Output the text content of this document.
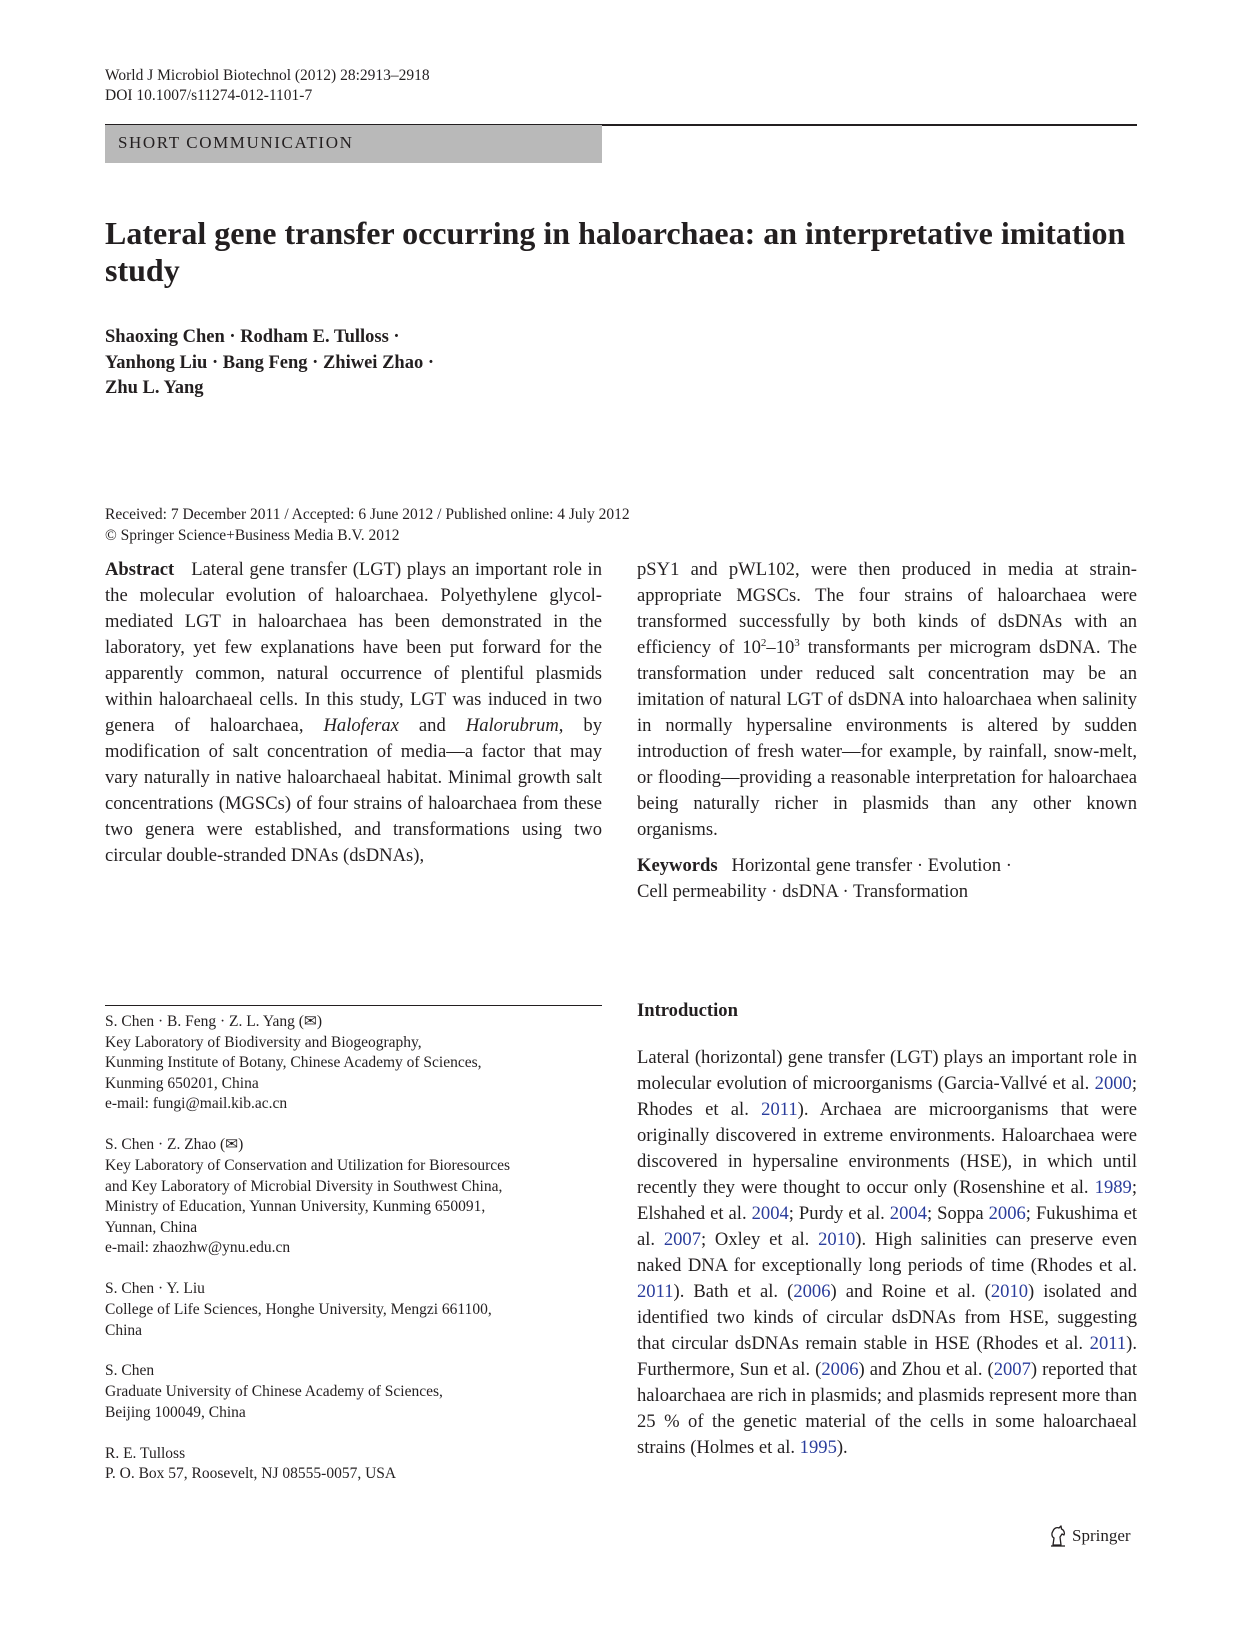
World J Microbiol Biotechnol (2012) 28:2913–2918
DOI 10.1007/s11274-012-1101-7
SHORT COMMUNICATION
Lateral gene transfer occurring in haloarchaea: an interpretative imitation study
Shaoxing Chen · Rodham E. Tulloss ·
Yanhong Liu · Bang Feng · Zhiwei Zhao ·
Zhu L. Yang
Received: 7 December 2011 / Accepted: 6 June 2012 / Published online: 4 July 2012
© Springer Science+Business Media B.V. 2012
Abstract Lateral gene transfer (LGT) plays an important role in the molecular evolution of haloarchaea. Polyethylene glycol-mediated LGT in haloarchaea has been demonstrated in the laboratory, yet few explanations have been put forward for the apparently common, natural occurrence of plentiful plasmids within haloarchaeal cells. In this study, LGT was induced in two genera of haloarchaea, Haloferax and Halorubrum, by modification of salt concentration of media—a factor that may vary naturally in native haloarchaeal habitat. Minimal growth salt concentrations (MGSCs) of four strains of haloarchaea from these two genera were established, and transformations using two circular double-stranded DNAs (dsDNAs),
pSY1 and pWL102, were then produced in media at strain-appropriate MGSCs. The four strains of haloarchaea were transformed successfully by both kinds of dsDNAs with an efficiency of $10^2-10^3$ transformants per microgram dsDNA. The transformation under reduced salt concentration may be an imitation of natural LGT of dsDNA into haloarchaea when salinity in normally hypersaline environments is altered by sudden introduction of fresh water—for example, by rainfall, snow-melt, or flooding—providing a reasonable interpretation for haloarchaea being naturally richer in plasmids than any other known organisms.
Keywords Horizontal gene transfer · Evolution ·
Cell permeability · dsDNA · Transformation
S. Chen · B. Feng · Z. L. Yang (✉)
Key Laboratory of Biodiversity and Biogeography,
Kunming Institute of Botany, Chinese Academy of Sciences,
Kunming 650201, China
e-mail: fungi@mail.kib.ac.cn
S. Chen · Z. Zhao (✉)
Key Laboratory of Conservation and Utilization for Bioresources
and Key Laboratory of Microbial Diversity in Southwest China,
Ministry of Education, Yunnan University, Kunming 650091,
Yunnan, China
e-mail: zhaozhw@ynu.edu.cn
S. Chen · Y. Liu
College of Life Sciences, Honghe University, Mengzi 661100,
China
S. Chen
Graduate University of Chinese Academy of Sciences,
Beijing 100049, China
R. E. Tulloss
P. O. Box 57, Roosevelt, NJ 08555-0057, USA
Introduction
Lateral (horizontal) gene transfer (LGT) plays an important role in molecular evolution of microorganisms (Garcia-Vallvé et al. 2000; Rhodes et al. 2011). Archaea are microorganisms that were originally discovered in extreme environments. Haloarchaea were discovered in hypersaline environments (HSE), in which until recently they were thought to occur only (Rosenshine et al. 1989; Elshahed et al. 2004; Purdy et al. 2004; Soppa 2006; Fukushima et al. 2007; Oxley et al. 2010). High salinities can preserve even naked DNA for exceptionally long periods of time (Rhodes et al. 2011). Bath et al. (2006) and Roine et al. (2010) isolated and identified two kinds of circular dsDNAs from HSE, suggesting that circular dsDNAs remain stable in HSE (Rhodes et al. 2011). Furthermore, Sun et al. (2006) and Zhou et al. (2007) reported that haloarchaea are rich in plasmids; and plasmids represent more than 25 % of the genetic material of the cells in some haloarchaeal strains (Holmes et al. 1995).
Springer
